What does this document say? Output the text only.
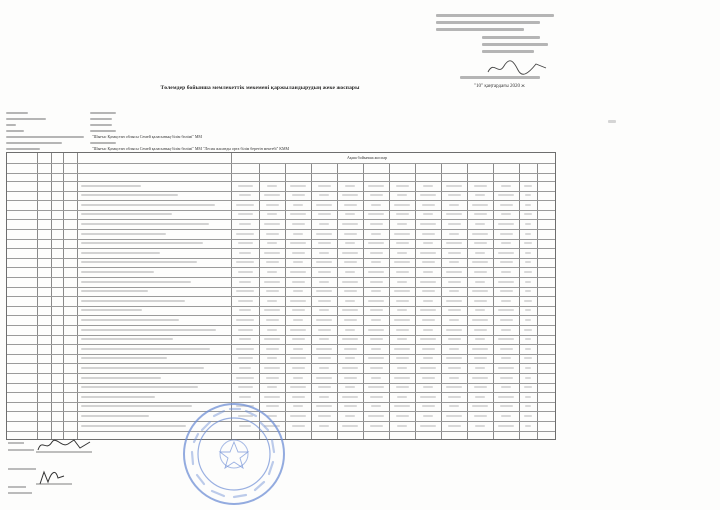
"10" қаңтардағы 2020 ж
Төлемдер бойынша мемлекеттік мекемені қаржыландырудың жеке жоспары
"Шығыс Қазақстан облысы Семей қаласының білім бөлімі" ММ
"Шығыс Қазақстан облысы Семей қаласының білім бөлімі" ММ "Лесия жасанды орта білім беретін мектебі" КММ
Ақша бойынша жоспар
